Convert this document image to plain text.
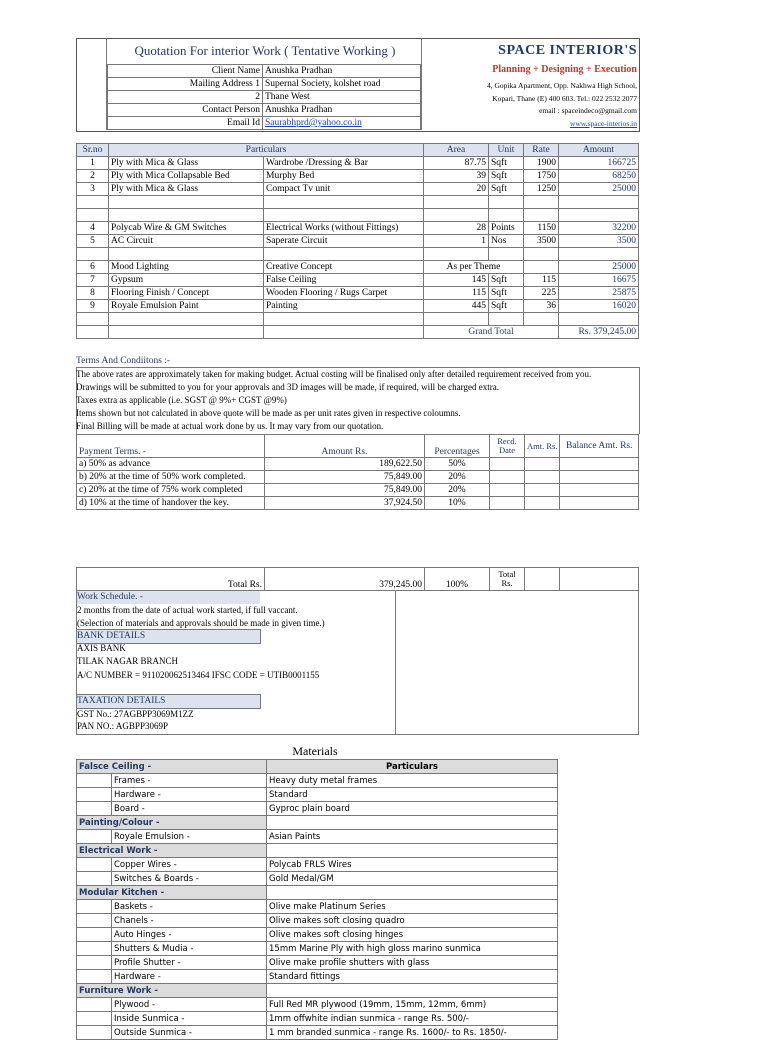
Quotation For interior Work ( Tentative Working )	SPACE INTERIOR'S
Planning + Designing + Execution
4, Gopika Apartment, Opp. Nakhwa High School,
Kopari, Thane (E) 400 603. Tel.: 022 2532 2077
email : spaceindeco@gmail.com
www.space-interios.in
Client Name	Anushka Pradhan
Mailing Address 1	Supernal Society, kolshet road
2	Thane West
Contact Person	Anushka Pradhan
Email Id	Saurabhprd@yahoo.co.in
Sr.no	Particulars		Area	Unit	Rate	Amount
1	Ply with Mica & Glass	Wardrobe /Dressing & Bar	87.75	Sqft	1900	166725
2	Ply with Mica Collapsable Bed	Murphy Bed	39	Sqft	1750	68250
3	Ply with Mica & Glass	Compact Tv unit	20	Sqft	1250	25000

4	Polycab Wire & GM Switches	Electrical Works (without Fittings)	28	Points	1150	32200
5	AC Circuit	Saperate Circuit	1	Nos	3500	3500

6	Mood Lighting	Creative Concept	As per Theme			25000
7	Gypsum	False Ceiling	145	Sqft	115	16675
8	Flooring Finish / Concept	Wooden Flooring / Rugs Carpet	115	Sqft	225	25875
9	Royale Emulsion Paint	Painting	445	Sqft	36	16020

			Grand Total			Rs. 379,245.00
Terms And Condiitons :-
The above rates are approximately taken for making budget. Actual costing will be finalised only after detailed requirement received from you.
Drawings will be submitted to you for your approvals and 3D images will be made, if required, will be charged extra.
Taxes extra as applicable (i.e. SGST @ 9%+ CGST @9%)
Items shown but not calculated in above quote will be made as per unit rates given in respective coloumns.
Final Billing will be made at actual work done by us. It may vary from our quotation.
Payment Terms. -	Amount Rs.	Percentages	Recd. Date	Amt. Rs.	Balance Amt. Rs.
a) 50% as advance	189,622.50	50%			
b) 20% at the time of 50% work completed.	75,849.00	20%			
c) 20% at the time of 75% work completed	75,849.00	20%			
d) 10% at the time of handover the key.	37,924.50	10%			
Total Rs.	379,245.00	100%	Total Rs.		
Work Schedule. -
2 months from the date of actual work started, if full vaccant.
(Selection of materials and approvals should be made in given time.)
BANK DETAILS
AXIS BANK
TILAK NAGAR BRANCH
A/C NUMBER = 911020062513464 IFSC CODE = UTIB0001155
TAXATION DETAILS
GST No.: 27AGBPP3069M1ZZ
PAN NO.: AGBPP3069P
Materials
Falsce Ceiling -		Particulars
	Frames -	Heavy duty metal frames
	Hardware -	Standard
	Board -	Gyproc plain board
Painting/Colour -		
	Royale Emulsion -	Asian Paints
Electrical Work -		
	Copper Wires -	Polycab FRLS Wires
	Switches & Boards -	Gold Medal/GM
Modular Kitchen -		
	Baskets -	Olive make Platinum Series
	Chanels -	Olive makes soft closing quadro
	Auto Hinges -	Olive makes soft closing hinges
	Shutters & Mudia -	15mm Marine Ply with high gloss marino sunmica
	Profile Shutter -	Olive make profile shutters with glass
	Hardware -	Standard fittings
Furniture Work -		
	Plywood -	Full Red MR plywood (19mm, 15mm, 12mm, 6mm)
	Inside Sunmica -	1mm offwhite indian sunmica - range Rs. 500/-
	Outside Sunmica -	1 mm branded sunmica - range Rs. 1600/- to Rs. 1850/-
